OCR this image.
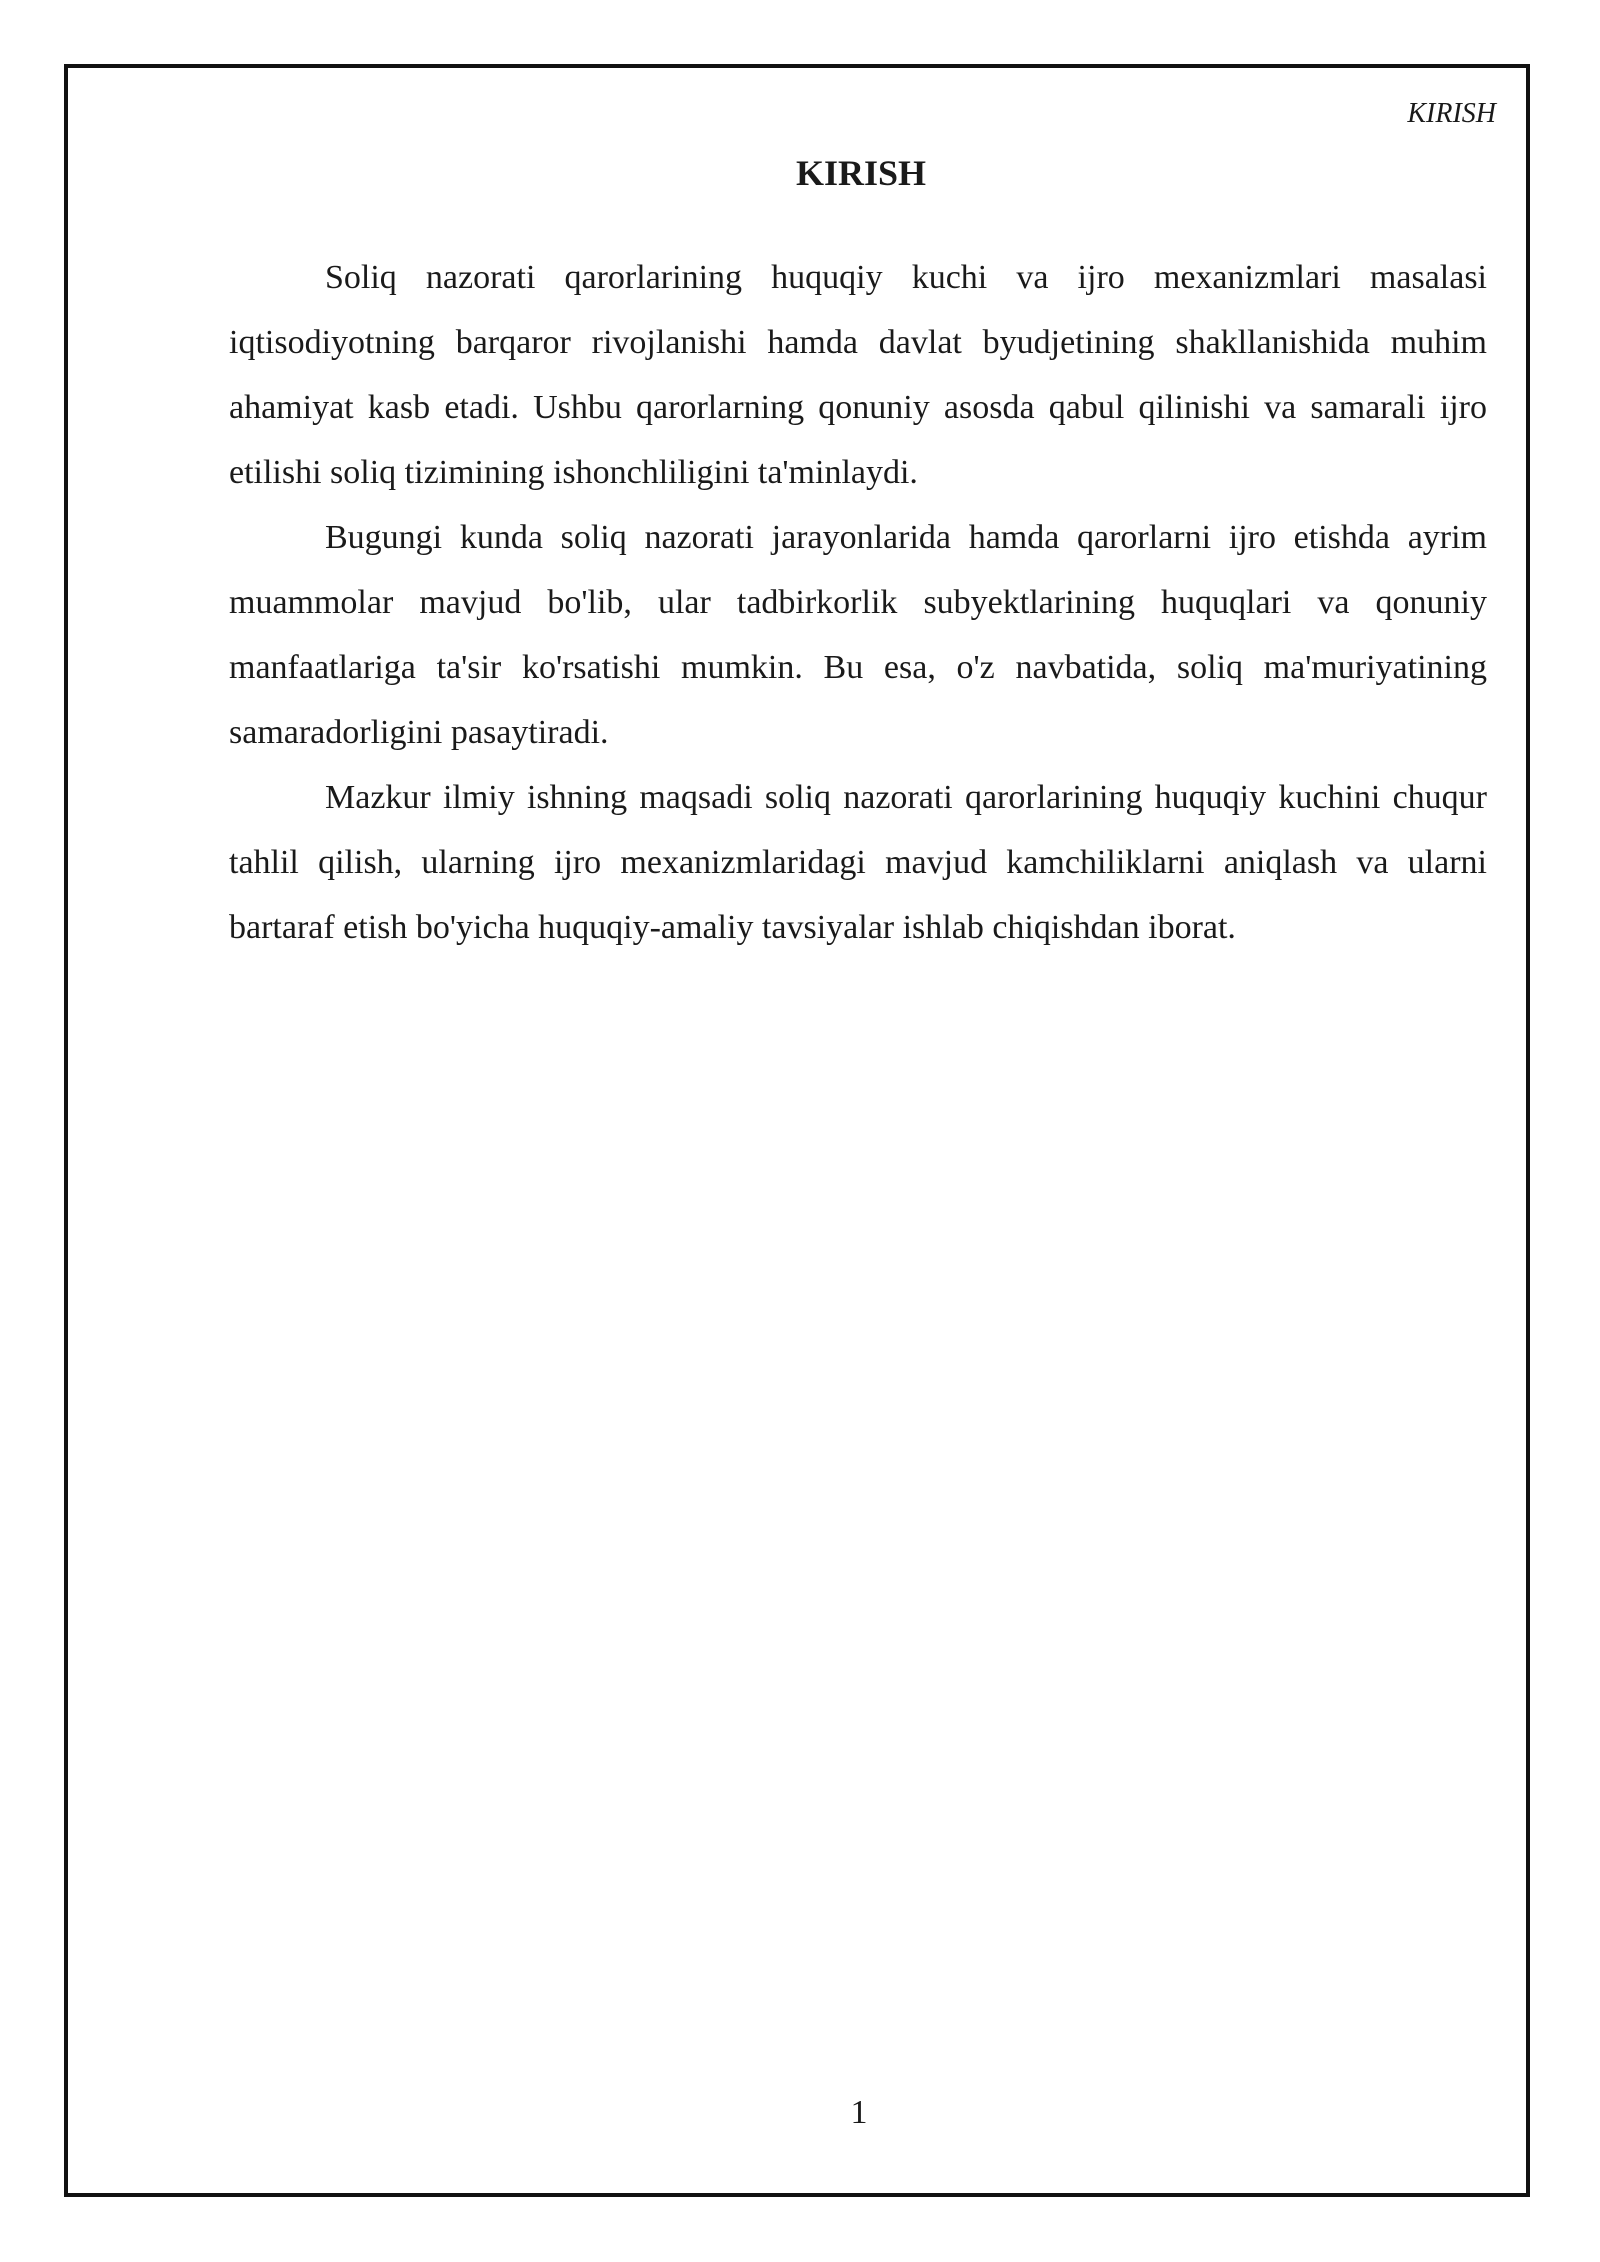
KIRISH
KIRISH

Soliq nazorati qarorlarining huquqiy kuchi va ijro mexanizmlari masalasi iqtisodiyotning barqaror rivojlanishi hamda davlat byudjetining shakllanishida muhim ahamiyat kasb etadi. Ushbu qarorlarning qonuniy asosda qabul qilinishi va samarali ijro etilishi soliq tizimining ishonchliligini ta'minlaydi.

Bugungi kunda soliq nazorati jarayonlarida hamda qarorlarni ijro etishda ayrim muammolar mavjud bo'lib, ular tadbirkorlik subyektlarining huquqlari va qonuniy manfaatlariga ta'sir ko'rsatishi mumkin. Bu esa, o'z navbatida, soliq ma'muriyatining samaradorligini pasaytiradi.

Mazkur ilmiy ishning maqsadi soliq nazorati qarorlarining huquqiy kuchini chuqur tahlil qilish, ularning ijro mexanizmlaridagi mavjud kamchiliklarni aniqlash va ularni bartaraf etish bo'yicha huquqiy-amaliy tavsiyalar ishlab chiqishdan iborat.

1
